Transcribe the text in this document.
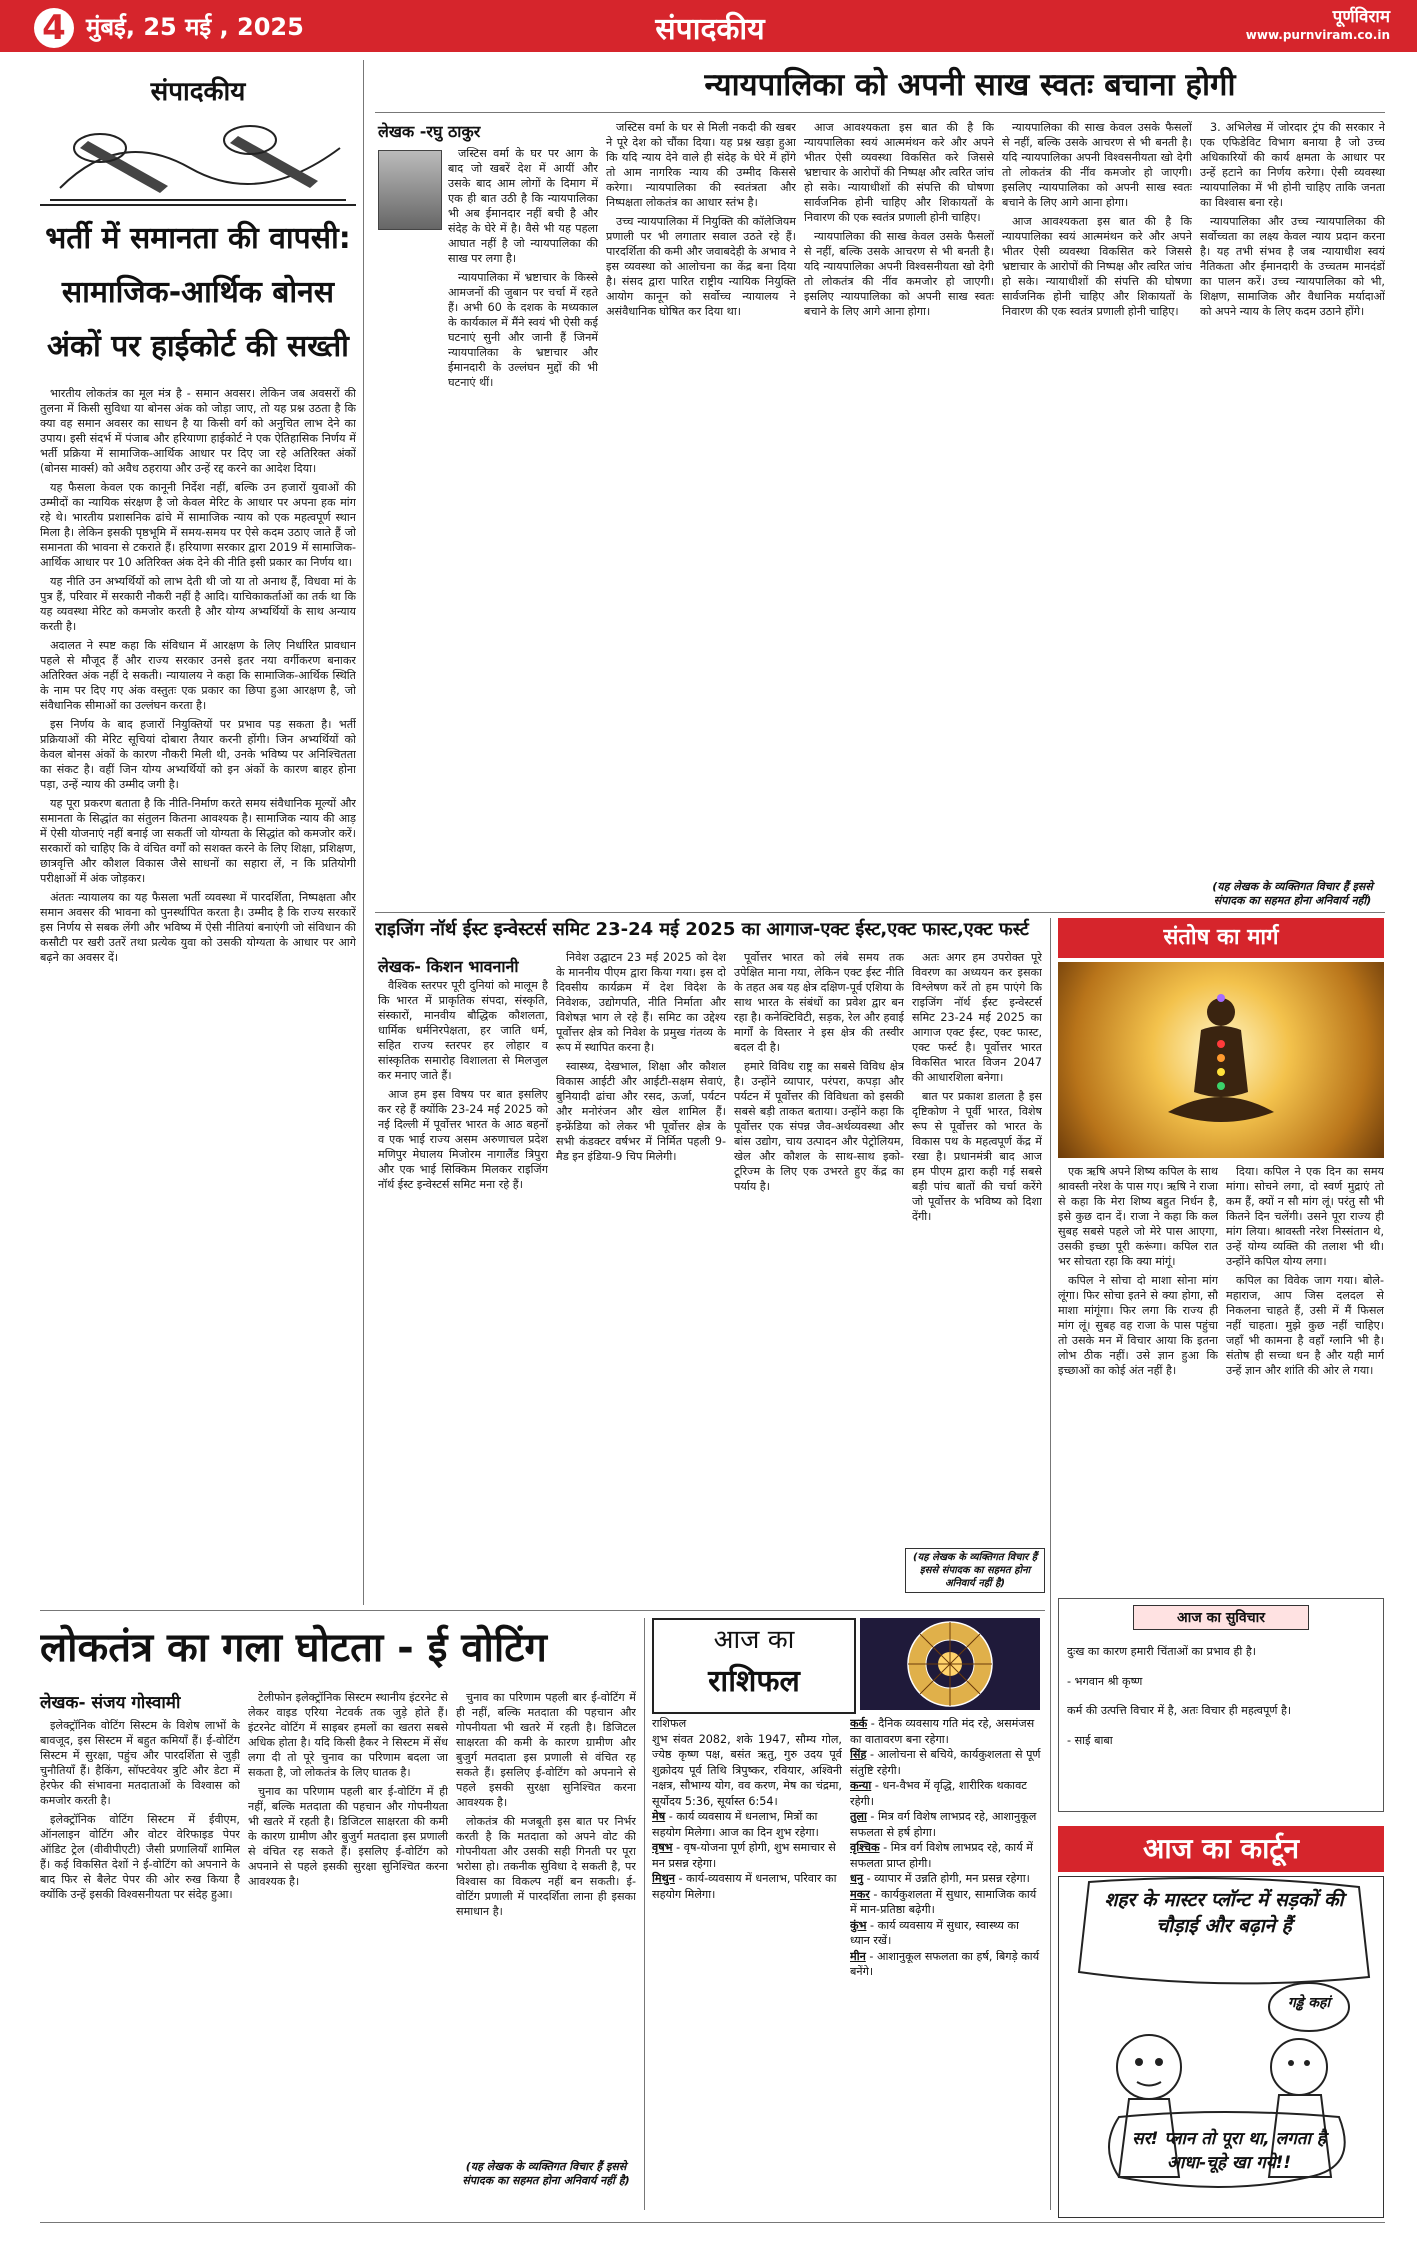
4 मुंबई, 25 मई , 2025	संपादकीय	पूर्णविराम
www.purnviram.co.in
संपादकीय
भर्ती में समानता की वापसी: सामाजिक-आर्थिक बोनस अंकों पर हाईकोर्ट की सख्ती

भारतीय लोकतंत्र का मूल मंत्र है - समान अवसर। लेकिन जब अवसरों की तुलना में किसी सुविधा या बोनस अंक को जोड़ा जाए, तो यह प्रश्न उठता है कि क्या वह समान अवसर का साधन है या किसी वर्ग को अनुचित लाभ देने का उपाय। इसी संदर्भ में पंजाब और हरियाणा हाईकोर्ट ने एक ऐतिहासिक निर्णय में भर्ती प्रक्रिया में सामाजिक-आर्थिक आधार पर दिए जा रहे अतिरिक्त अंकों (बोनस मार्क्स) को अवैध ठहराया और उन्हें रद्द करने का आदेश दिया।

यह फैसला केवल एक कानूनी निर्देश नहीं, बल्कि उन हजारों युवाओं की उम्मीदों का न्यायिक संरक्षण है जो केवल मेरिट के आधार पर अपना हक मांग रहे थे। भारतीय प्रशासनिक ढांचे में सामाजिक न्याय को एक महत्वपूर्ण स्थान मिला है। लेकिन इसकी पृष्ठभूमि में समय-समय पर ऐसे कदम उठाए जाते हैं जो समानता की भावना से टकराते हैं। हरियाणा सरकार द्वारा 2019 में सामाजिक-आर्थिक आधार पर 10 अतिरिक्त अंक देने की नीति इसी प्रकार का निर्णय था।

यह नीति उन अभ्यर्थियों को लाभ देती थी जो या तो अनाथ हैं, विधवा मां के पुत्र हैं, परिवार में सरकारी नौकरी नहीं है आदि। याचिकाकर्ताओं का तर्क था कि यह व्यवस्था मेरिट को कमजोर करती है और योग्य अभ्यर्थियों के साथ अन्याय करती है।

अदालत ने स्पष्ट कहा कि संविधान में आरक्षण के लिए निर्धारित प्रावधान पहले से मौजूद हैं और राज्य सरकार उनसे इतर नया वर्गीकरण बनाकर अतिरिक्त अंक नहीं दे सकती। न्यायालय ने कहा कि सामाजिक-आर्थिक स्थिति के नाम पर दिए गए अंक वस्तुतः एक प्रकार का छिपा हुआ आरक्षण है, जो संवैधानिक सीमाओं का उल्लंघन करता है।

इस निर्णय के बाद हजारों नियुक्तियों पर प्रभाव पड़ सकता है। भर्ती प्रक्रियाओं की मेरिट सूचियां दोबारा तैयार करनी होंगी। जिन अभ्यर्थियों को केवल बोनस अंकों के कारण नौकरी मिली थी, उनके भविष्य पर अनिश्चितता का संकट है। वहीं जिन योग्य अभ्यर्थियों को इन अंकों के कारण बाहर होना पड़ा, उन्हें न्याय की उम्मीद जगी है।

यह पूरा प्रकरण बताता है कि नीति-निर्माण करते समय संवैधानिक मूल्यों और समानता के सिद्धांत का संतुलन कितना आवश्यक है। सामाजिक न्याय की आड़ में ऐसी योजनाएं नहीं बनाई जा सकतीं जो योग्यता के सिद्धांत को कमजोर करें। सरकारों को चाहिए कि वे वंचित वर्गों को सशक्त करने के लिए शिक्षा, प्रशिक्षण, छात्रवृत्ति और कौशल विकास जैसे साधनों का सहारा लें, न कि प्रतियोगी परीक्षाओं में अंक जोड़कर।

अंततः न्यायालय का यह फैसला भर्ती व्यवस्था में पारदर्शिता, निष्पक्षता और समान अवसर की भावना को पुनर्स्थापित करता है। उम्मीद है कि राज्य सरकारें इस निर्णय से सबक लेंगी और भविष्य में ऐसी नीतियां बनाएंगी जो संविधान की कसौटी पर खरी उतरें तथा प्रत्येक युवा को उसकी योग्यता के आधार पर आगे बढ़ने का अवसर दें।

न्यायपालिका को अपनी साख स्वतः बचाना होगी
लेखक -रघु ठाकुर

जस्टिस वर्मा के घर पर आग के बाद जो खबरें देश में आयीं और उसके बाद आम लोगों के दिमाग में एक ही बात उठी है कि न्यायपालिका भी अब ईमानदार नहीं बची है और संदेह के घेरे में है। वैसे भी यह पहला आघात नहीं है जो न्यायपालिका की साख पर लगा है।

न्यायपालिका में भ्रष्टाचार के किस्से आमजनों की जुबान पर चर्चा में रहते हैं। अभी 60 के दशक के मध्यकाल के कार्यकाल में मैंने स्वयं भी ऐसी कई घटनाएं सुनी और जानी हैं जिनमें न्यायपालिका के भ्रष्टाचार और ईमानदारी के उल्लंघन मुद्दों की भी घटनाएं थीं।

जस्टिस वर्मा के घर से मिली नकदी की खबर ने पूरे देश को चौंका दिया। यह प्रश्न खड़ा हुआ कि यदि न्याय देने वाले ही संदेह के घेरे में होंगे तो आम नागरिक न्याय की उम्मीद किससे करेगा। न्यायपालिका की स्वतंत्रता और निष्पक्षता लोकतंत्र का आधार स्तंभ है।

उच्च न्यायपालिका में नियुक्ति की कॉलेजियम प्रणाली पर भी लगातार सवाल उठते रहे हैं। पारदर्शिता की कमी और जवाबदेही के अभाव ने इस व्यवस्था को आलोचना का केंद्र बना दिया है। संसद द्वारा पारित राष्ट्रीय न्यायिक नियुक्ति आयोग कानून को सर्वोच्च न्यायालय ने असंवैधानिक घोषित कर दिया था।

आज आवश्यकता इस बात की है कि न्यायपालिका स्वयं आत्ममंथन करे और अपने भीतर ऐसी व्यवस्था विकसित करे जिससे भ्रष्टाचार के आरोपों की निष्पक्ष और त्वरित जांच हो सके। न्यायाधीशों की संपत्ति की घोषणा सार्वजनिक होनी चाहिए और शिकायतों के निवारण की एक स्वतंत्र प्रणाली होनी चाहिए।

न्यायपालिका की साख केवल उसके फैसलों से नहीं, बल्कि उसके आचरण से भी बनती है। यदि न्यायपालिका अपनी विश्वसनीयता खो देगी तो लोकतंत्र की नींव कमजोर हो जाएगी। इसलिए न्यायपालिका को अपनी साख स्वतः बचाने के लिए आगे आना होगा।

न्यायपालिका की साख केवल उसके फैसलों से नहीं, बल्कि उसके आचरण से भी बनती है। यदि न्यायपालिका अपनी विश्वसनीयता खो देगी तो लोकतंत्र की नींव कमजोर हो जाएगी। इसलिए न्यायपालिका को अपनी साख स्वतः बचाने के लिए आगे आना होगा।

आज आवश्यकता इस बात की है कि न्यायपालिका स्वयं आत्ममंथन करे और अपने भीतर ऐसी व्यवस्था विकसित करे जिससे भ्रष्टाचार के आरोपों की निष्पक्ष और त्वरित जांच हो सके। न्यायाधीशों की संपत्ति की घोषणा सार्वजनिक होनी चाहिए और शिकायतों के निवारण की एक स्वतंत्र प्रणाली होनी चाहिए।

3. अभिलेख में जोरदार ट्रंप की सरकार ने एक एफिडेविट विभाग बनाया है जो उच्च अधिकारियों की कार्य क्षमता के आधार पर उन्हें हटाने का निर्णय करेगा। ऐसी व्यवस्था न्यायपालिका में भी होनी चाहिए ताकि जनता का विश्वास बना रहे।

न्यायपालिका और उच्च न्यायपालिका की सर्वोच्चता का लक्ष्य केवल न्याय प्रदान करना है। यह तभी संभव है जब न्यायाधीश स्वयं नैतिकता और ईमानदारी के उच्चतम मानदंडों का पालन करें। उच्च न्यायपालिका को भी, शिक्षण, सामाजिक और वैधानिक मर्यादाओं को अपने न्याय के लिए कदम उठाने होंगे।

(यह लेखक के व्यक्तिगत विचार हैं इससे संपादक का सहमत होना अनिवार्य नहीं)
राइजिंग नॉर्थ ईस्ट इन्वेस्टर्स समिट 23-24 मई 2025 का आगाज-एक्ट ईस्ट,एक्ट फास्ट,एक्ट फर्स्ट
लेखक- किशन भावनानी

वैश्विक स्तरपर पूरी दुनियां को मालूम है कि भारत में प्राकृतिक संपदा, संस्कृति, संस्कारों, मानवीय बौद्धिक कौशलता, धार्मिक धर्मनिरपेक्षता, हर जाति धर्म, सहित राज्य स्तरपर हर लोहार व सांस्कृतिक समारोह विशालता से मिलजुल कर मनाए जाते हैं।

आज हम इस विषय पर बात इसलिए कर रहे हैं क्योंकि 23-24 मई 2025 को नई दिल्ली में पूर्वोत्तर भारत के आठ बहनों व एक भाई राज्य असम अरुणाचल प्रदेश मणिपुर मेघालय मिजोरम नागालैंड त्रिपुरा और एक भाई सिक्किम मिलकर राइजिंग नॉर्थ ईस्ट इन्वेस्टर्स समिट मना रहे हैं।

निवेश उद्घाटन 23 मई 2025 को देश के माननीय पीएम द्वारा किया गया। इस दो दिवसीय कार्यक्रम में देश विदेश के निवेशक, उद्योगपति, नीति निर्माता और विशेषज्ञ भाग ले रहे हैं। समिट का उद्देश्य पूर्वोत्तर क्षेत्र को निवेश के प्रमुख गंतव्य के रूप में स्थापित करना है।

स्वास्थ्य, देखभाल, शिक्षा और कौशल विकास आईटी और आईटी-सक्षम सेवाएं, बुनियादी ढांचा और रसद, ऊर्जा, पर्यटन और मनोरंजन और खेल शामिल हैं। इन्फ्रेंडिया को लेकर भी पूर्वोत्तर क्षेत्र के सभी कंडक्टर वर्षभर में निर्मित पहली 9-मैड इन इंडिया-9 चिप मिलेगी।

पूर्वोत्तर भारत को लंबे समय तक उपेक्षित माना गया, लेकिन एक्ट ईस्ट नीति के तहत अब यह क्षेत्र दक्षिण-पूर्व एशिया के साथ भारत के संबंधों का प्रवेश द्वार बन रहा है। कनेक्टिविटी, सड़क, रेल और हवाई मार्गों के विस्तार ने इस क्षेत्र की तस्वीर बदल दी है।

हमारे विविध राष्ट्र का सबसे विविध क्षेत्र है। उन्होंने व्यापार, परंपरा, कपड़ा और पर्यटन में पूर्वोत्तर की विविधता को इसकी सबसे बड़ी ताकत बताया। उन्होंने कहा कि पूर्वोत्तर एक संपन्न जैव-अर्थव्यवस्था और बांस उद्योग, चाय उत्पादन और पेट्रोलियम, खेल और कौशल के साथ-साथ इको-टूरिज्म के लिए एक उभरते हुए केंद्र का पर्याय है।

अतः अगर हम उपरोक्त पूरे विवरण का अध्ययन कर इसका विश्लेषण करें तो हम पाएंगे कि राइजिंग नॉर्थ ईस्ट इन्वेस्टर्स समिट 23-24 मई 2025 का आगाज एक्ट ईस्ट, एक्ट फास्ट, एक्ट फर्स्ट है। पूर्वोत्तर भारत विकसित भारत विजन 2047 की आधारशिला बनेगा।

बात पर प्रकाश डालता है इस दृष्टिकोण ने पूर्वी भारत, विशेष रूप से पूर्वोत्तर को भारत के विकास पथ के महत्वपूर्ण केंद्र में रखा है। प्रधानमंत्री बाद आज हम पीएम द्वारा कही गई सबसे बड़ी पांच बातों की चर्चा करेंगे जो पूर्वोत्तर के भविष्य को दिशा देंगी।

(यह लेखक के व्यक्तिगत विचार हैं इससे संपादक का सहमत होना अनिवार्य नहीं है)
संतोष का मार्ग

एक ऋषि अपने शिष्य कपिल के साथ श्रावस्ती नरेश के पास गए। ऋषि ने राजा से कहा कि मेरा शिष्य बहुत निर्धन है, इसे कुछ दान दें। राजा ने कहा कि कल सुबह सबसे पहले जो मेरे पास आएगा, उसकी इच्छा पूरी करूंगा। कपिल रात भर सोचता रहा कि क्या मांगूं।

कपिल ने सोचा दो माशा सोना मांग लूंगा। फिर सोचा इतने से क्या होगा, सौ माशा मांगूंगा। फिर लगा कि राज्य ही मांग लूं। सुबह वह राजा के पास पहुंचा तो उसके मन में विचार आया कि इतना लोभ ठीक नहीं। उसे ज्ञान हुआ कि इच्छाओं का कोई अंत नहीं है।

दिया। कपिल ने एक दिन का समय मांगा। सोचने लगा, दो स्वर्ण मुद्राएं तो कम हैं, क्यों न सौ मांग लूं। परंतु सौ भी कितने दिन चलेंगी। उसने पूरा राज्य ही मांग लिया। श्रावस्ती नरेश निस्संतान थे, उन्हें योग्य व्यक्ति की तलाश भी थी। उन्होंने कपिल योग्य लगा।

कपिल का विवेक जाग गया। बोले- महाराज, आप जिस दलदल से निकलना चाहते हैं, उसी में मैं फिसल नहीं चाहता। मुझे कुछ नहीं चाहिए। जहाँ भी कामना है वहाँ ग्लानि भी है। संतोष ही सच्चा धन है और यही मार्ग उन्हें ज्ञान और शांति की ओर ले गया।

आज का सुविचार
दुःख का कारण हमारी चिंताओं का प्रभाव ही है।
- भगवान श्री कृष्ण
कर्म की उत्पत्ति विचार में है, अतः विचार ही महत्वपूर्ण है।
- साई बाबा
आज का कार्टून
शहर के मास्टर प्लॉन्ट में सड़कों की चौड़ाई और बढ़ाने हैं
गड्ढे कहां
सर! प्लान तो पूरा था, लगता है आधा-चूहे खा गये!!
लोकतंत्र का गला घोटता - ई वोटिंग
लेखक- संजय गोस्वामी

इलेक्ट्रॉनिक वोटिंग सिस्टम के विशेष लाभों के बावजूद, इस सिस्टम में बहुत कमियाँ हैं। ई-वोटिंग सिस्टम में सुरक्षा, पहुंच और पारदर्शिता से जुड़ी चुनौतियाँ हैं। हैकिंग, सॉफ्टवेयर त्रुटि और डेटा में हेरफेर की संभावना मतदाताओं के विश्वास को कमजोर करती है।

इलेक्ट्रॉनिक वोटिंग सिस्टम में ईवीएम, ऑनलाइन वोटिंग और वोटर वेरिफाइड पेपर ऑडिट ट्रेल (वीवीपीएटी) जैसी प्रणालियाँ शामिल हैं। कई विकसित देशों ने ई-वोटिंग को अपनाने के बाद फिर से बैलेट पेपर की ओर रुख किया है क्योंकि उन्हें इसकी विश्वसनीयता पर संदेह हुआ।

टेलीफोन इलेक्ट्रॉनिक सिस्टम स्थानीय इंटरनेट से लेकर वाइड एरिया नेटवर्क तक जुड़े होते हैं। इंटरनेट वोटिंग में साइबर हमलों का खतरा सबसे अधिक होता है। यदि किसी हैकर ने सिस्टम में सेंध लगा दी तो पूरे चुनाव का परिणाम बदला जा सकता है, जो लोकतंत्र के लिए घातक है।

चुनाव का परिणाम पहली बार ई-वोटिंग में ही नहीं, बल्कि मतदाता की पहचान और गोपनीयता भी खतरे में रहती है। डिजिटल साक्षरता की कमी के कारण ग्रामीण और बुजुर्ग मतदाता इस प्रणाली से वंचित रह सकते हैं। इसलिए ई-वोटिंग को अपनाने से पहले इसकी सुरक्षा सुनिश्चित करना आवश्यक है।

चुनाव का परिणाम पहली बार ई-वोटिंग में ही नहीं, बल्कि मतदाता की पहचान और गोपनीयता भी खतरे में रहती है। डिजिटल साक्षरता की कमी के कारण ग्रामीण और बुजुर्ग मतदाता इस प्रणाली से वंचित रह सकते हैं। इसलिए ई-वोटिंग को अपनाने से पहले इसकी सुरक्षा सुनिश्चित करना आवश्यक है।

लोकतंत्र की मजबूती इस बात पर निर्भर करती है कि मतदाता को अपने वोट की गोपनीयता और उसकी सही गिनती पर पूरा भरोसा हो। तकनीक सुविधा दे सकती है, पर विश्वास का विकल्प नहीं बन सकती। ई-वोटिंग प्रणाली में पारदर्शिता लाना ही इसका समाधान है।

(यह लेखक के व्यक्तिगत विचार हैं इससे संपादक का सहमत होना अनिवार्य नहीं है)
आज का
राशिफल
राशिफल
शुभ संवत 2082, शके 1947, सौम्य गोल, ज्येष्ठ कृष्ण पक्ष, बसंत ऋतु, गुरु उदय पूर्व शुक्रोदय पूर्व तिथि त्रिपुष्कर, रवियार, अश्विनी नक्षत्र, सौभाग्य योग, वव करण, मेष का चंद्रमा, सूर्योदय 5:36, सूर्यास्त 6:54।
मेष - कार्य व्यवसाय में धनलाभ, मित्रों का सहयोग मिलेगा। आज का दिन शुभ रहेगा।
वृषभ - वृष-योजना पूर्ण होगी, शुभ समाचार से मन प्रसन्न रहेगा।
मिथुन - कार्य-व्यवसाय में धनलाभ, परिवार का सहयोग मिलेगा।
कर्क - दैनिक व्यवसाय गति मंद रहे, असमंजस का वातावरण बना रहेगा।
सिंह - आलोचना से बचिये, कार्यकुशलता से पूर्ण संतुष्टि रहेगी।
कन्या - धन-वैभव में वृद्धि, शारीरिक थकावट रहेगी।
तुला - मित्र वर्ग विशेष लाभप्रद रहे, आशानुकूल सफलता से हर्ष होगा।
वृश्चिक - मित्र वर्ग विशेष लाभप्रद रहे, कार्य में सफलता प्राप्त होगी।
धनु - व्यापार में उन्नति होगी, मन प्रसन्न रहेगा।
मकर - कार्यकुशलता में सुधार, सामाजिक कार्य में मान-प्रतिष्ठा बढ़ेगी।
कुंभ - कार्य व्यवसाय में सुधार, स्वास्थ्य का ध्यान रखें।
मीन - आशानुकूल सफलता का हर्ष, बिगड़े कार्य बनेंगे।
